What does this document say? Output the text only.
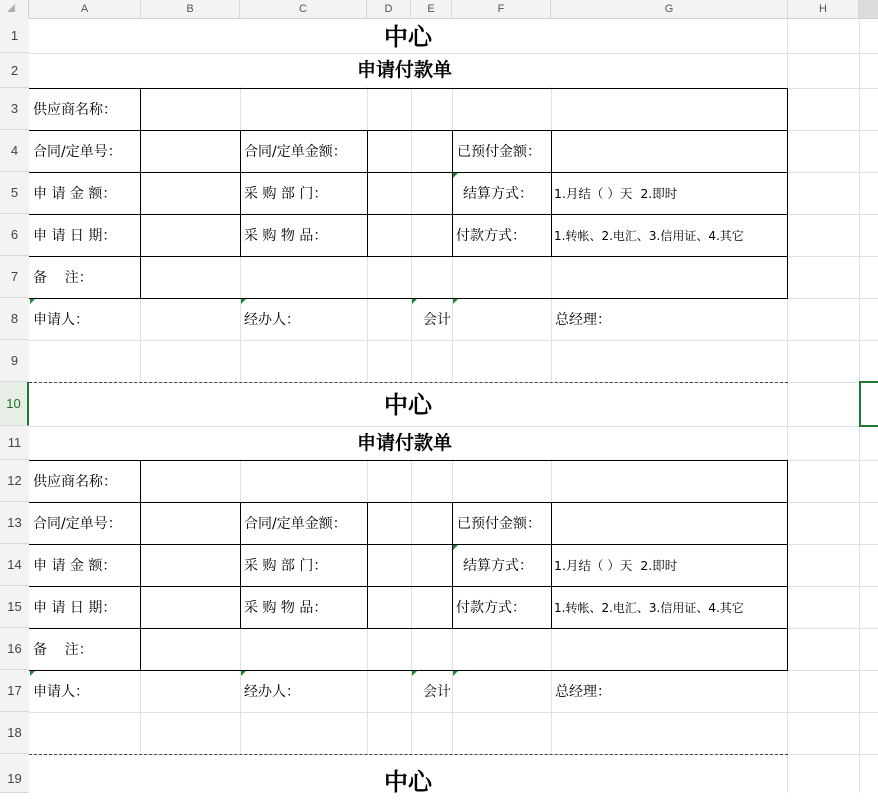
A	B	C	D	E	F	G	H
1
2
3
4
5
6
7
8
9
10
11
12
13
14
15
16
17
18
19
中心
申请付款单
供应商名称：
合同/定单号：	合同/定单金额：	已预付金额：
申 请 金 额：	采 购 部 门：	结算方式： 1.月结（ ）天  2.即时
申 请 日 期：	采 购 物 品：	付款方式： 1.转帐、2.电汇、3.信用证、4.其它
备    注：
申请人：	经办人：	会计	总经理：
中心
申请付款单
供应商名称：
合同/定单号：	合同/定单金额：	已预付金额：
申 请 金 额：	采 购 部 门：	结算方式： 1.月结（ ）天  2.即时
申 请 日 期：	采 购 物 品：	付款方式： 1.转帐、2.电汇、3.信用证、4.其它
备    注：
申请人：	经办人：	会计	总经理：
中心
